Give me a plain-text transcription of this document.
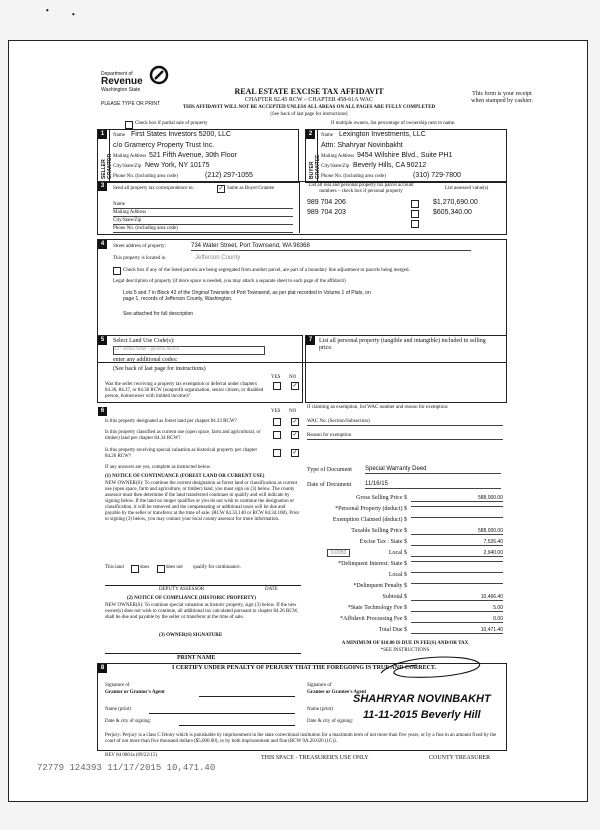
•	•
Department of
Revenue
Washington State
PLEASE TYPE OR PRINT
REAL ESTATE EXCISE TAX AFFIDAVIT
CHAPTER 82.45 RCW – CHAPTER 458-61A WAC
THIS AFFIDAVIT WILL NOT BE ACCEPTED UNLESS ALL AREAS ON ALL PAGES ARE FULLY COMPLETED
(See back of last page for instructions)
This form is your receipt
when stamped by cashier.
Check box if partial sale of property	If multiple owners, list percentage of ownership next to name.
1
SELLER GRANTOR
Name First States Investors 5200, LLC
c/o Gramercy Property Trust Inc.
Mailing Address 521 Fifth Avenue, 30th Floor
City/State/Zip New York, NY 10175
Phone No. (including area code)	(212) 297-1055
2
BUYER GRANTEE
Name Lexington Investments, LLC
Attn: Shahryar Novinbakht
Mailing Address 9454 Wilshire Blvd., Suite PH1
City/State/Zip Beverly Hills, CA 90212
Phone No. (including area code)	(310) 729-7800
3	Send all property tax correspondence to:	✓ Same as Buyer/Grantee
Name
Mailing Address
City/State/Zip
Phone No. (including area code)
List all real and personal property tax parcel account numbers – check box if personal property
List assessed value(s)
989 704 206	$1,270,690.00
989 704 203	$605,340.00
4	Street address of property:	734 Water Street, Port Townsend, WA 98368
This property is located in	Jefferson County
Check box if any of the listed parcels are being segregated from another parcel, are part of a boundary line adjustment or parcels being merged.
Legal description of property (if more space is needed, you may attach a separate sheet to each page of the affidavit)
Lots 5 and 7 in Block 42 of the Original Townsite of Port Townsend, as per plat recorded in Volume 1 of Plats, on page 1, records of Jefferson County, Washington.
See attached for full description
5	Select Land Use Code(s):
52 - Retail trade - general merch
enter any additional codes:
(See back of last page for instructions)
YES NO
Was the seller receiving a property tax exemption or deferral under chapters 84.36, 84.37, or 84.38 RCW (nonprofit organization, senior citizen, or disabled person, homeowner with limited income)?
✓
7	List all personal property (tangible and intangible) included in selling price.
6	YES NO
Is this property designated as forest land per chapter 84.33 RCW?	✓
Is this property classified as current use (open space, farm and agricultural, or timber) land per chapter 84.34 RCW?
✓
Is this property receiving special valuation as historical property per chapter 84.26 RCW?
✓
If any answers are yes, complete as instructed below.
(1) NOTICE OF CONTINUANCE (FOREST LAND OR CURRENT USE)
NEW OWNER(S): To continue the current designation as forest land or classification as current use (open space, farm and agriculture, or timber) land, you must sign on (3) below. The county assessor must then determine if the land transferred continues to qualify and will indicate by signing below. If the land no longer qualifies or you do not wish to continue the designation or classification, it will be removed and the compensating or additional taxes will be due and payable by the seller or transferor at the time of sale. (RCW 84.33.140 or RCW 84.34.108). Prior to signing (3) below, you may contact your local county assessor for more information.
This land	does	does not qualify for continuance.
DEPUTY ASSESSOR	DATE
(2) NOTICE OF COMPLIANCE (HISTORIC PROPERTY)
NEW OWNER(S): To continue special valuation as historic property, sign (3) below. If the new owner(s) does not wish to continue, all additional tax calculated pursuant to chapter 84.26 RCW, shall be due and payable by the seller or transferor at the time of sale.
(3) OWNER(S) SIGNATURE
PRINT NAME
If claiming an exemption, list WAC number and reason for exemption:
WAC No. (Section/Subsection)
Reason for exemption
Type of Document Special Warranty Deed
Date of Document 11/16/15
Gross Selling Price $	588,000.00
*Personal Property (deduct) $
Exemption Claimed (deduct) $
Taxable Selling Price $	588,000.00
Excise Tax : State $	7,526.40
0.0050	Local $	2,940.00
*Delinquent Interest: State $
Local $
*Delinquent Penalty $
Subtotal $	10,466.40
*State Technology Fee $	5.00
*Affidavit Processing Fee $	0.00
Total Due $	10,471.40
A MINIMUM OF $10.00 IS DUE IN FEE(S) AND/OR TAX
*SEE INSTRUCTIONS
8	I CERTIFY UNDER PENALTY OF PERJURY THAT THE FOREGOING IS TRUE AND CORRECT.
Signature of
Grantor or Grantor's Agent
Name (print)
Date & city of signing:
Signature of
Grantee or Grantee's Agent
Name (print)
SHAHRYAR NOVINBAKHT
Date & city of signing:
11-11-2015 Beverly Hill
Perjury: Perjury is a class C felony which is punishable by imprisonment in the state correctional institution for a maximum term of not more than five years, or by a fine in an amount fixed by the court of not more than five thousand dollars ($5,000.00), or by both imprisonment and fine (RCW 9A.20.020 (1C)).
REV 84 0001a (09/22/15)	THIS SPACE - TREASURER'S USE ONLY	COUNTY TREASURER
72779 124393 11/17/2015 10,471.40
